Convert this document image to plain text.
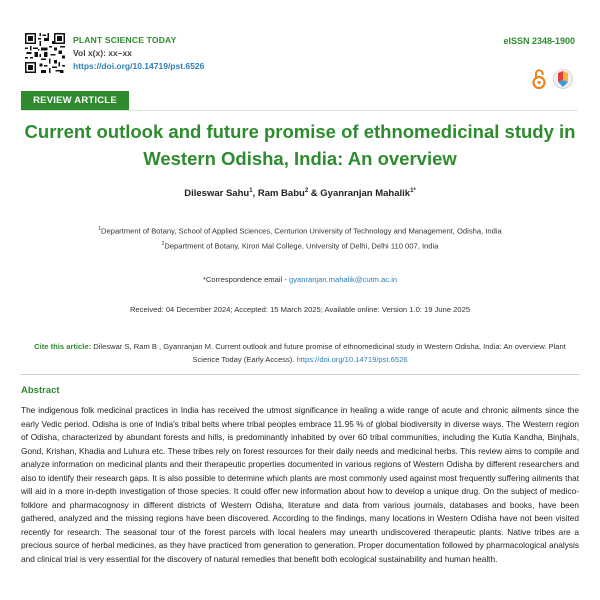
PLANT SCIENCE TODAY
Vol x(x): xx–xx
https://doi.org/10.14719/pst.6526
eISSN 2348-1900
REVIEW ARTICLE
Current outlook and future promise of ethnomedicinal study in
Western Odisha, India: An overview
Dileswar Sahu$^1$, Ram Babu$^2$ & Gyanranjan Mahalik$^{1*}$
$^1$Department of Botany, School of Applied Sciences, Centurion University of Technology and Management, Odisha, India
$^2$Department of Botany, Kirori Mal College, University of Delhi, Delhi 110 007, India
*Correspondence email - gyanranjan.mahalik@cutm.ac.in
Received: 04 December 2024; Accepted: 15 March 2025; Available online: Version 1.0: 19 June 2025
Cite this article: Dileswar S, Ram B , Gyanranjan M. Current outlook and future promise of ethnomedicinal study in Western Odisha, India: An overview. Plant Science Today (Early Access). https://doi.org/10.14719/pst.6526
Abstract

The indigenous folk medicinal practices in India has received the utmost significance in healing a wide range of acute and chronic ailments since the early Vedic period. Odisha is one of India's tribal belts where tribal peoples embrace 11.95 % of global biodiversity in diverse ways. The Western region of Odisha, characterized by abundant forests and hills, is predominantly inhabited by over 60 tribal communities, including the Kutia Kandha, Binjhals, Gond, Krishan, Khadia and Luhura etc. These tribes rely on forest resources for their daily needs and medicinal herbs. This review aims to compile and analyze information on medicinal plants and their therapeutic properties documented in various regions of Western Odisha by different researchers and also to identify their research gaps. It is also possible to determine which plants are most commonly used against most frequently suffering ailments that will aid in a more in-depth investigation of those species. It could offer new information about how to develop a unique drug. On the subject of medico-folklore and pharmacognosy in different districts of Western Odisha, literature and data from various journals, databases and books, have been gathered, analyzed and the missing regions have been discovered. According to the findings, many locations in Western Odisha have not been visited recently for research. The seasonal tour of the forest parcels with local healers may unearth undiscovered therapeutic plants. Native tribes are a precious source of herbal medicines, as they have practiced from generation to generation. Proper documentation followed by pharmacological analysis and clinical trial is very essential for the discovery of natural remedies that benefit both ecological sustainability and human health.
